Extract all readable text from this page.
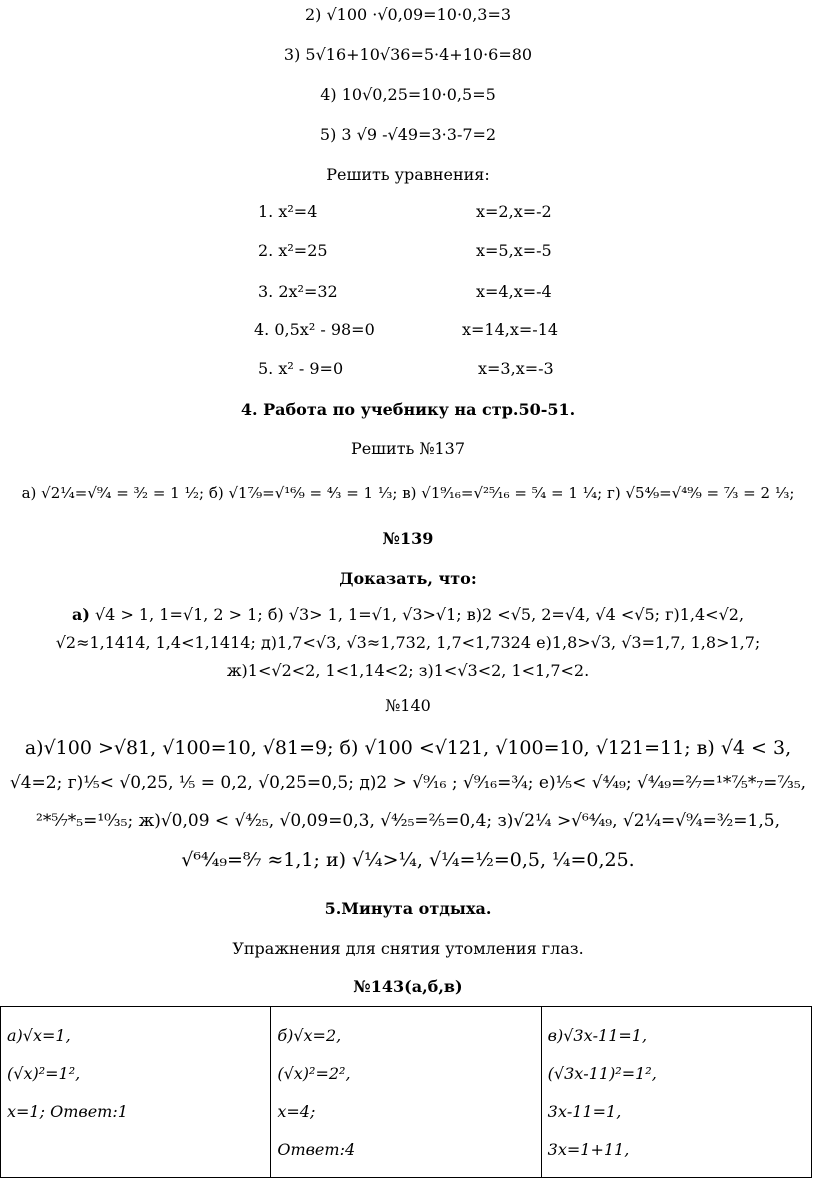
2) √100 ·√0,09=10·0,3=3
3) 5√16+10√36=5·4+10·6=80
4) 10√0,25=10·0,5=5
5) 3 √9 -√49=3·3-7=2
Решить уравнения:
1. х²=4	х=2,х=-2
2. х²=25	х=5,х=-5
3. 2х²=32	х=4,х=-4
4. 0,5х² - 98=0	х=14,х=-14
5. х² - 9=0	х=3,х=-3
4. Работа по учебнику на стр.50-51.
Решить №137
а) √2¹⁄₄=√⁹⁄₄ = ³⁄₂ = 1 ¹⁄₂; б) √1⁷⁄₉=√¹⁶⁄₉ = ⁴⁄₃ = 1 ¹⁄₃; в) √1⁹⁄₁₆=√²⁵⁄₁₆ = ⁵⁄₄ = 1 ¹⁄₄; г) √5⁴⁄₉=√⁴⁹⁄₉ = ⁷⁄₃ = 2 ¹⁄₃;
№139
Доказать, что:
а) √4 > 1, 1=√1, 2 > 1; б) √3> 1, 1=√1, √3>√1; в)2 <√5, 2=√4, √4 <√5; г)1,4<√2,
√2≈1,1414, 1,4<1,1414; д)1,7<√3, √3≈1,732, 1,7<1,7324 е)1,8>√3, √3=1,7, 1,8>1,7;
ж)1<√2<2, 1<1,14<2; з)1<√3<2, 1<1,7<2.
№140
а)√100 >√81, √100=10, √81=9; б) √100 <√121, √100=10, √121=11; в) √4 < 3,
√4=2; г)¹⁄₅< √0,25, ¹⁄₅ = 0,2, √0,25=0,5; д)2 > √⁹⁄₁₆ ; √⁹⁄₁₆=¾; е)¹⁄₅< √⁴⁄₄₉; √⁴⁄₄₉=²⁄₇=¹*⁷⁄₅*₇=⁷⁄₃₅,
²*⁵⁄₇*₅=¹⁰⁄₃₅; ж)√0,09 < √⁴⁄₂₅, √0,09=0,3, √⁴⁄₂₅=²⁄₅=0,4; з)√2¹⁄₄ >√⁶⁴⁄₄₉, √2¹⁄₄=√⁹⁄₄=³⁄₂=1,5,
√⁶⁴⁄₄₉=⁸⁄₇ ≈1,1; и) √¼>¹⁄₄, √¼=½=0,5, ¹⁄₄=0,25.
5.Минута отдыха.
Упражнения для снятия утомления глаз.
№143(а,б,в)
а)√х=1,
(√х)²=1²,
х=1; Ответ:1

б)√х=2,
(√х)²=2²,
х=4;
Ответ:4

в)√3х-11=1,
(√3х-11)²=1²,
3х-11=1,
3х=1+11,
